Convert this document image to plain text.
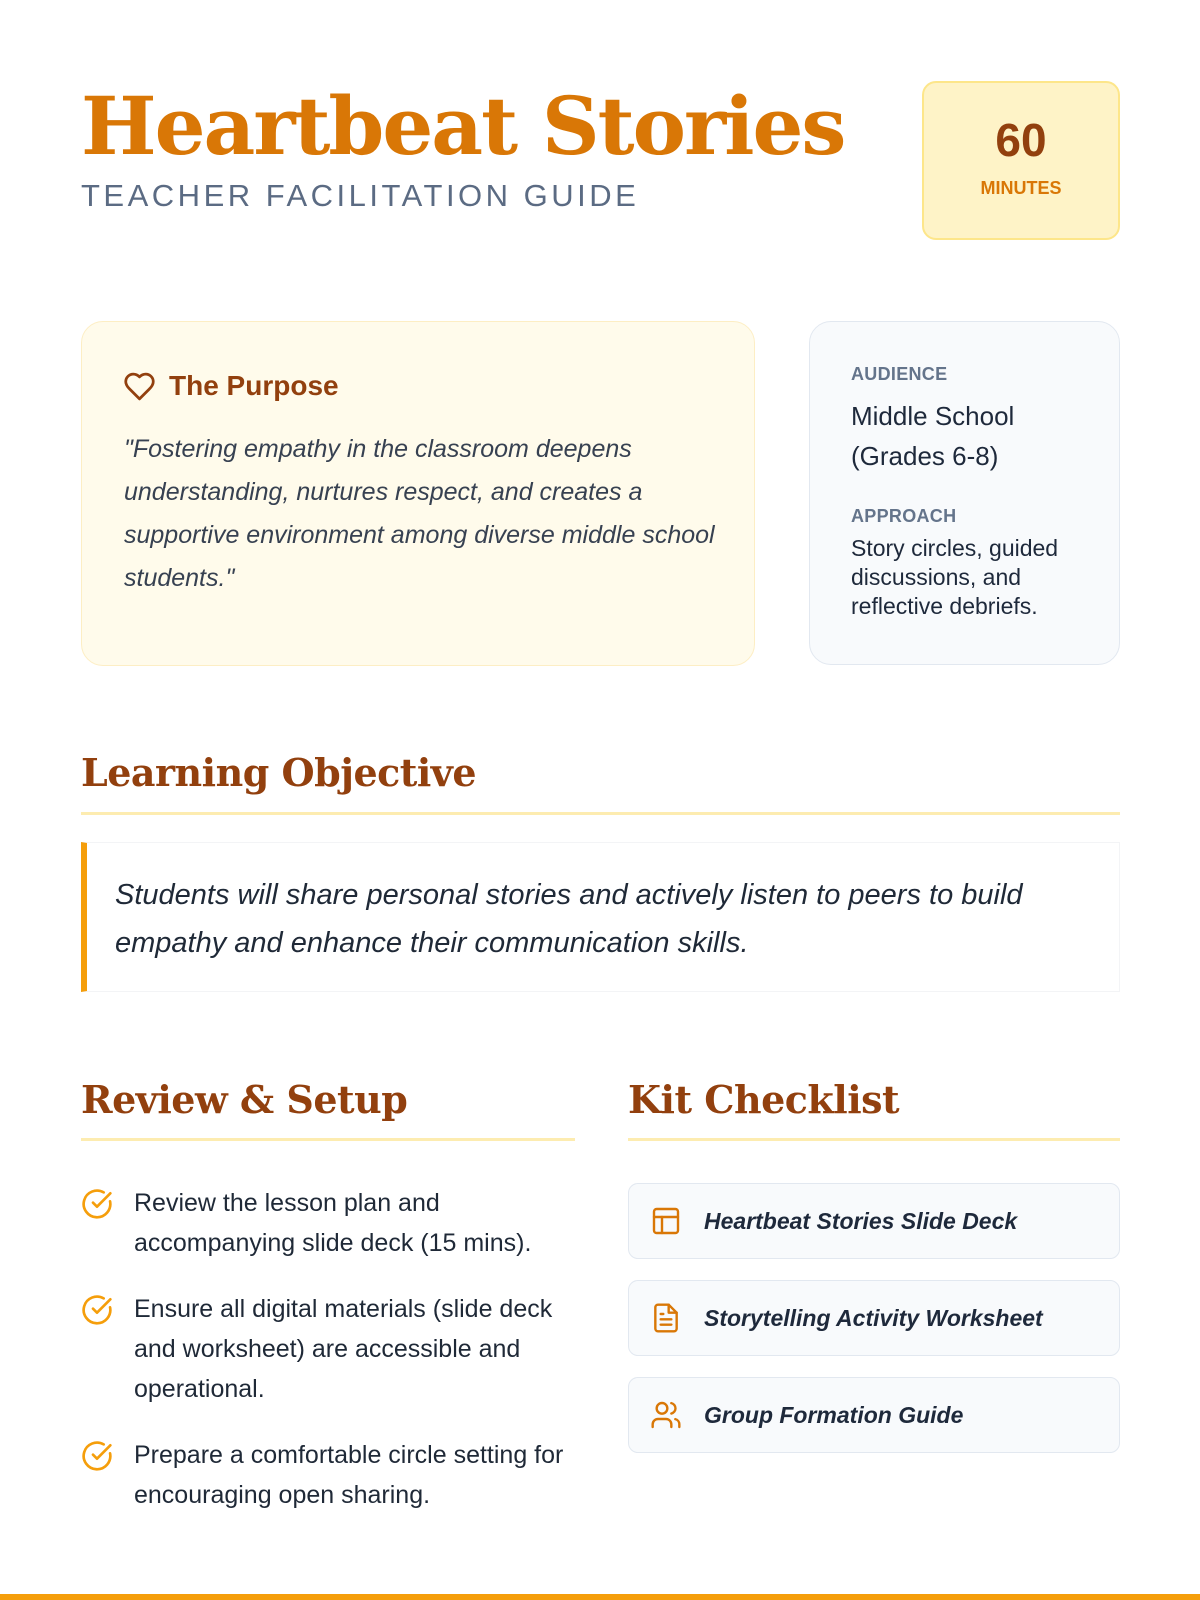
Heartbeat Stories
TEACHER FACILITATION GUIDE
60
MINUTES
The Purpose
"Fostering empathy in the classroom deepens understanding, nurtures respect, and creates a supportive environment among diverse middle school students."
AUDIENCE
Middle School (Grades 6-8)
APPROACH
Story circles, guided discussions, and reflective debriefs.
Learning Objective
Students will share personal stories and actively listen to peers to build empathy and enhance their communication skills.
Review & Setup
Review the lesson plan and accompanying slide deck (15 mins).
Ensure all digital materials (slide deck and worksheet) are accessible and operational.
Prepare a comfortable circle setting for encouraging open sharing.
Kit Checklist
Heartbeat Stories Slide Deck
Storytelling Activity Worksheet
Group Formation Guide
